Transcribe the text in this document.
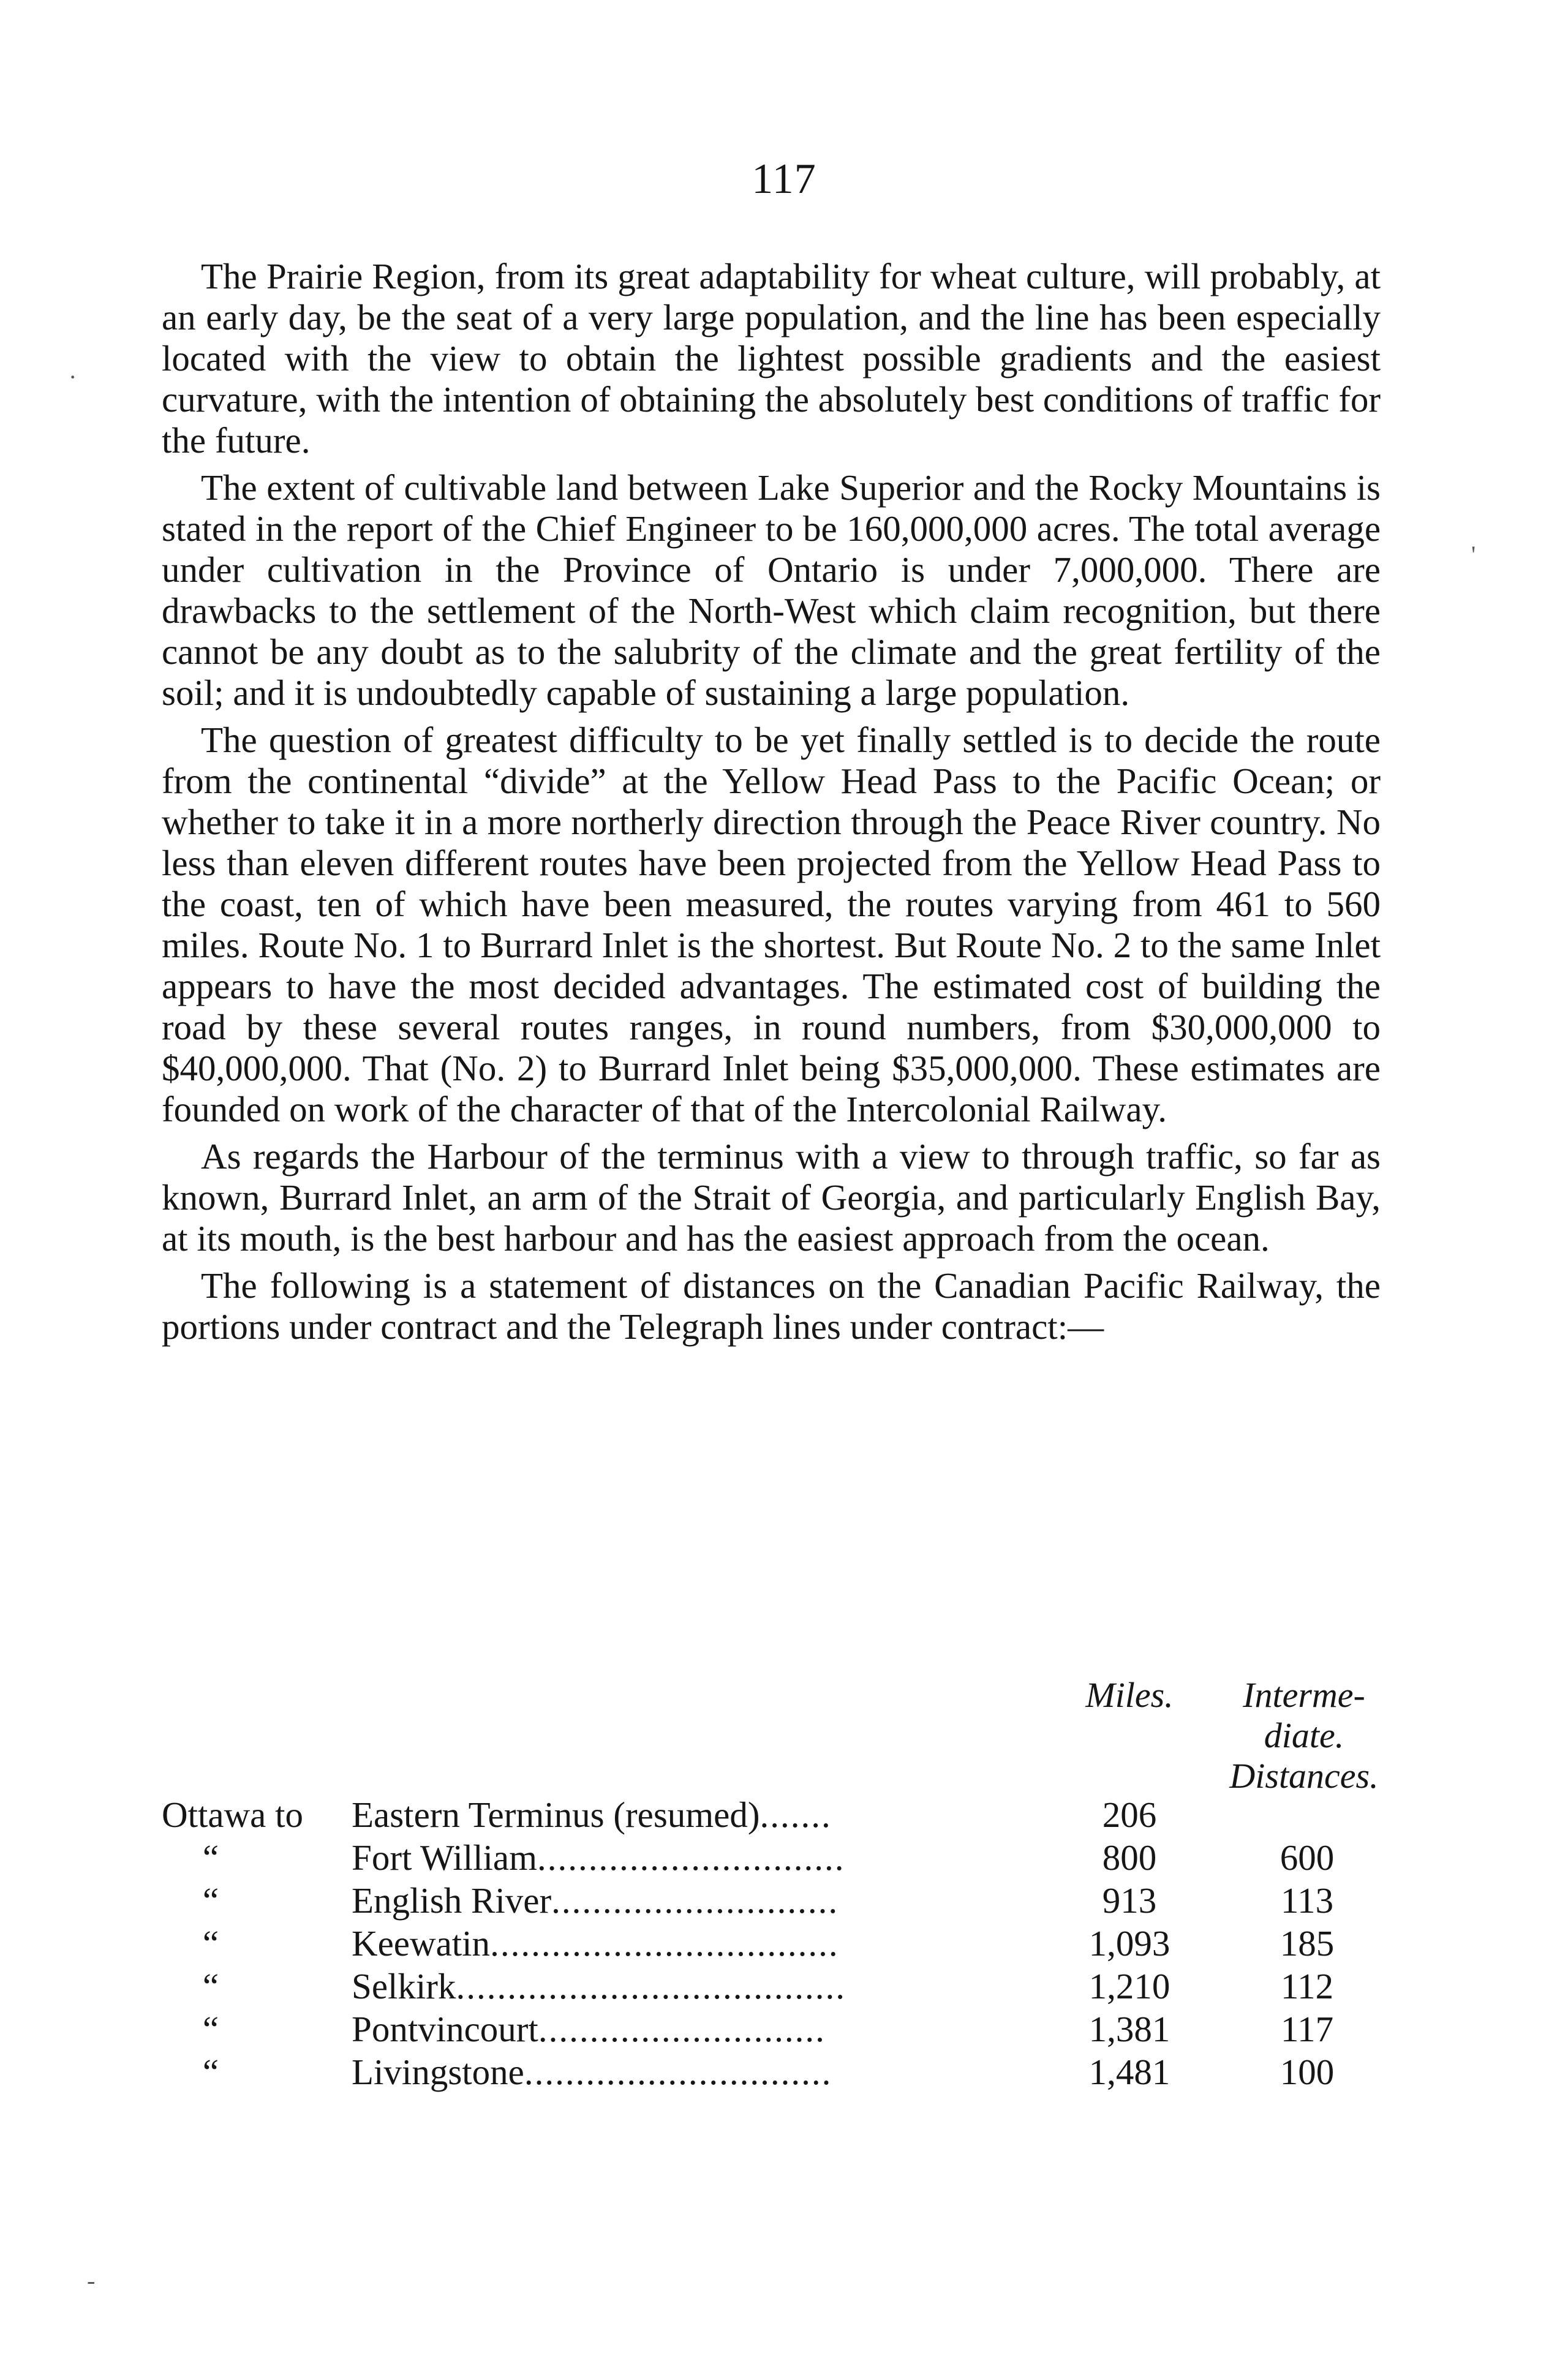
117

The Prairie Region, from its great adaptability for wheat culture, will probably, at an early day, be the seat of a very large population, and the line has been especially located with the view to obtain the lightest possible gradients and the easiest curvature, with the intention of obtaining the absolutely best conditions of traffic for the future.

The extent of cultivable land between Lake Superior and the Rocky Mountains is stated in the report of the Chief Engineer to be 160,000,000 acres. The total average under cultivation in the Province of Ontario is under 7,000,000. There are drawbacks to the settlement of the North-West which claim recognition, but there cannot be any doubt as to the salubrity of the climate and the great fertility of the soil; and it is undoubtedly capable of sustaining a large population.

The question of greatest difficulty to be yet finally settled is to decide the route from the continental “divide” at the Yellow Head Pass to the Pacific Ocean; or whether to take it in a more northerly direction through the Peace River country. No less than eleven different routes have been projected from the Yellow Head Pass to the coast, ten of which have been measured, the routes varying from 461 to 560 miles. Route No. 1 to Burrard Inlet is the shortest. But Route No. 2 to the same Inlet appears to have the most decided advantages. The estimated cost of building the road by these several routes ranges, in round numbers, from $30,000,000 to $40,000,000. That (No. 2) to Burrard Inlet being $35,000,000. These estimates are founded on work of the character of that of the Intercolonial Railway.

As regards the Harbour of the terminus with a view to through traffic, so far as known, Burrard Inlet, an arm of the Strait of Georgia, and particularly English Bay, at its mouth, is the best harbour and has the easiest approach from the ocean.

The following is a statement of distances on the Canadian Pacific Railway, the portions under contract and the Telegraph lines under contract:—

Miles.	Interme-
diate.
Distances.
Ottawa to	Eastern Terminus (resumed).......	206
“	Fort William..............................	800	600
“	English River............................	913	113
“	Keewatin..................................	1,093	185
“	Selkirk......................................	1,210	112
“	Pontvincourt............................	1,381	117
“	Livingstone..............................	1,481	100
·
'
-
